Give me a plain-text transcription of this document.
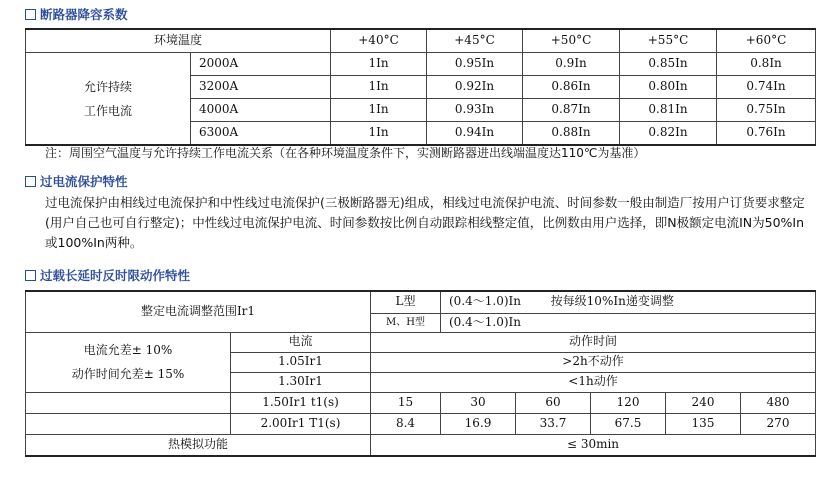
断路器降容系数
环境温度		+40°C	+45°C	+50°C	+55°C	+60°C

允许持续
工作电流	2000A	1In	0.95In	0.9In	0.85In	0.8In
	3200A	1In	0.92In	0.86In	0.80In	0.74In
	4000A	1In	0.93In	0.87In	0.81In	0.75In
	6300A	1In	0.94In	0.88In	0.82In	0.76In
注：周围空气温度与允许持续工作电流关系（在各种环境温度条件下，实测断路器进出线端温度达110℃为基准）
过电流保护特性
过电流保护由相线过电流保护和中性线过电流保护(三极断路器无)组成，相线过电流保护电流、时间参数一般由制造厂按用户订货要求整定(用户自己也可自行整定)；中性线过电流保护电流、时间参数按比例自动跟踪相线整定值，比例数由用户选择，即N极额定电流IN为50%In或100%In两种。
过载长延时反时限动作特性
整定电流调整范围Ir1		L型	(0.4～1.0)In 按每级10%In递变调整				
		M、H型	(0.4～1.0)In				

电流允差± 10%
动作时间允差± 15%	电流	动作时间					
	1.05Ir1	>2h不动作					
	1.30Ir1	<1h动作					
	1.50Ir1 t1(s)	15	30	60	120	240	480
	2.00Ir1 T1(s)	8.4	16.9	33.7	67.5	135	270
热模拟功能		≤ 30min					
